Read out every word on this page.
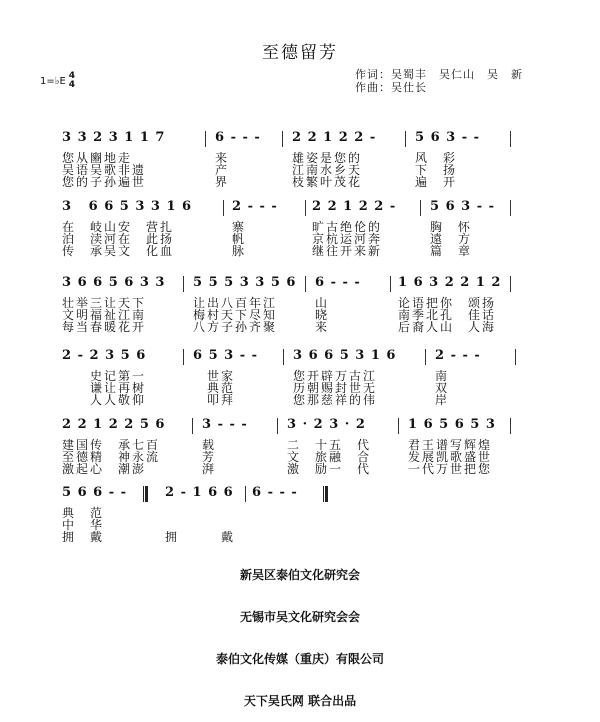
至德留芳
1=♭E 4
4
作词：吴蜀丰　吴仁山　吴　新
作曲：吴仕长
3 3 2 3 1 1 7
您从豳地走
吴语吴歌非遗
您的子孙遍世
6 - - -
来
产
界
2 2 1 2 2 -
雄姿是您的
江南水乡天
枝繁叶茂花
5 6 3 - -
风　彩
下　扬
遍　开
3   6 6 5 3 3 1 6
在　岐山安　营扎
泊　渎河在　此扬
传　承吴文　化血
2 - - -
寨
帆
脉
2 2 1 2 2 -
旷古绝伦的
京杭运河奔
继往开来新
5 6 3 - -
胸　怀
遠　方
篇　章
3 6 6 5 6 3 3
壮举三让天下
文明福祉江南
每当春暖花开
5 5 5 3 3 5 6
让出八百年江
梅村天下尽知
八方子孙齐聚
6 - - -
山
晓
来
1 6 3 2 2 1 2
论语把你　颂扬
南季北孔　佳话
后裔人山　人海
2 - 2 3 5 6
　　史记第一
　　谦让再树
　　人人敬仰
6 5 3 - -
　世家
　典范
　叩拜
3 6 6 5 3 1 6
您开辟万古江
历朝赐封世无
您那慈祥的伟
2 - - -
南
双
岸
2 2 1 2 2 5 6
建国传　承七百
至德精　神永流
激起心　潮澎
3 - - -
载
芳
湃
3 · 2 3 · 2
二　十五　代
文　旅融　合
激　励一　代
1 6 5 6 5 3
君王谱写辉煌
发展凯歌盛世
一代万世把您
5 6 6 - -
典　范
中　华
拥　戴
2 - 1 6 6
拥　　　戴
6 - - -

新吴区泰伯文化研究会

无锡市吴文化研究会会

泰伯文化传媒（重庆）有限公司

天下吴氏网 联合出品
